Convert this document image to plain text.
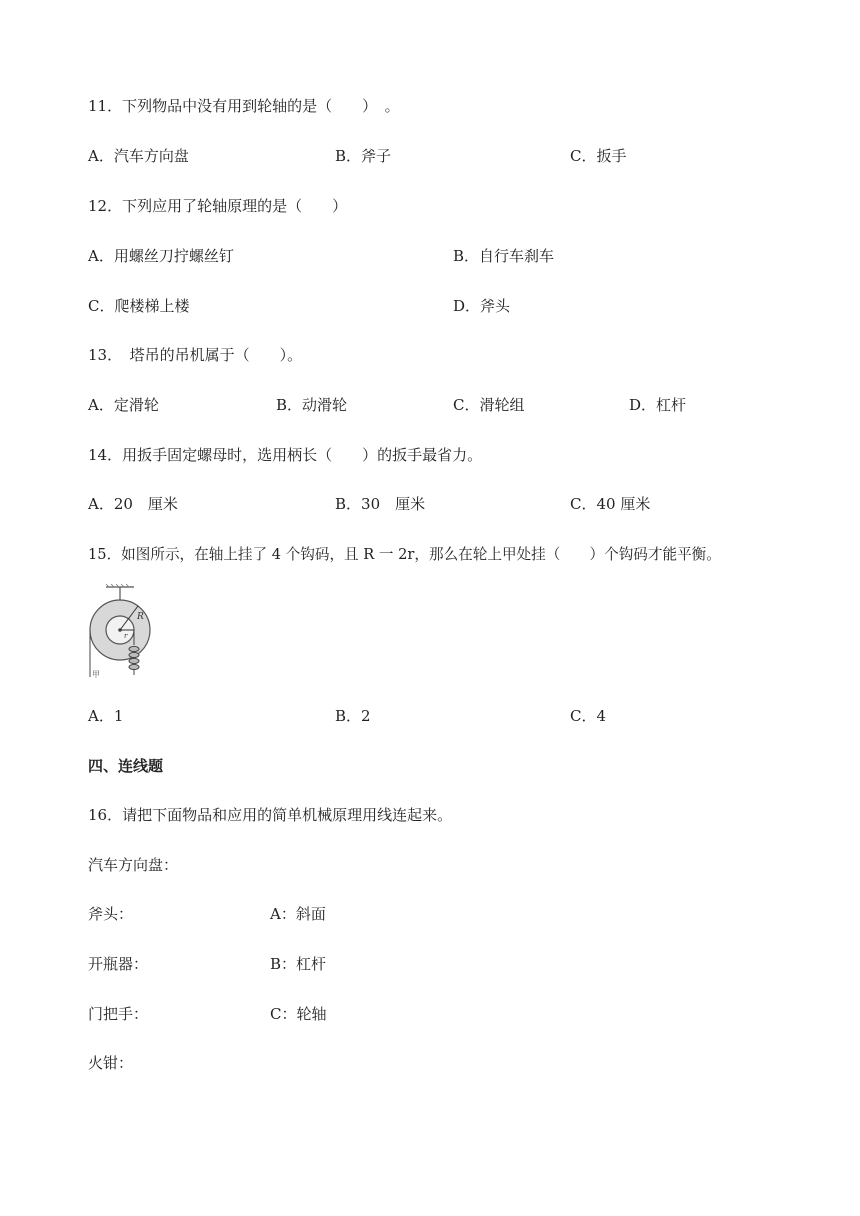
11．下列物品中没有用到轮轴的是（　　）　。
A．汽车方向盘	B．斧子	C．扳手
12．下列应用了轮轴原理的是（　　）
A．用螺丝刀拧螺丝钉	B．自行车刹车
C．爬楼梯上楼	D．斧头
13．　塔吊的吊机属于（　　）。
A．定滑轮	B．动滑轮	C．滑轮组	D．杠杆
14．用扳手固定螺母时，选用柄长（　　）的扳手最省力。
A．20　厘米	B．30　厘米	C．40 厘米
15．如图所示，在轴上挂了 4 个钩码，且 R 一 2r，那么在轮上甲处挂（　　）个钩码才能平衡。
R
r
甲
A．1	B．2	C．4
四、连线题
16．请把下面物品和应用的简单机械原理用线连起来。
汽车方向盘：
斧头：	A：斜面
开瓶器：	B：杠杆
门把手：	C：轮轴
火钳：
